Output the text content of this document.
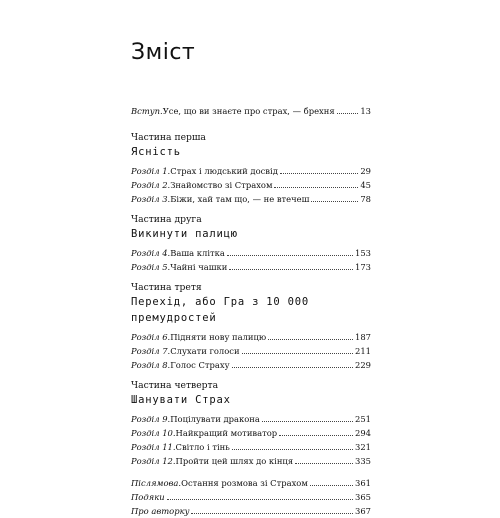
Зміст
Вступ. Усе, що ви знаєте про страх, — брехня	13
Частина перша
Ясність
Розділ 1. Страх і людський досвід	29
Розділ 2. Знайомство зі Страхом	45
Розділ 3. Біжи, хай там що, — не втечеш	78
Частина друга
Викинути палицю
Розділ 4. Ваша клітка	153
Розділ 5. Чайні чашки	173
Частина третя
Перехід, або Гра з 10 000 премудростей
Розділ 6. Підняти нову палицю	187
Розділ 7. Слухати голоси	211
Розділ 8. Голос Страху	229
Частина четверта
Шанувати Страх
Розділ 9. Поцілувати дракона	251
Розділ 10. Найкращий мотиватор	294
Розділ 11. Світло і тінь	321
Розділ 12. Пройти цей шлях до кінця	335
Післямова. Остання розмова зі Страхом	361
Подяки	365
Про авторку	367
